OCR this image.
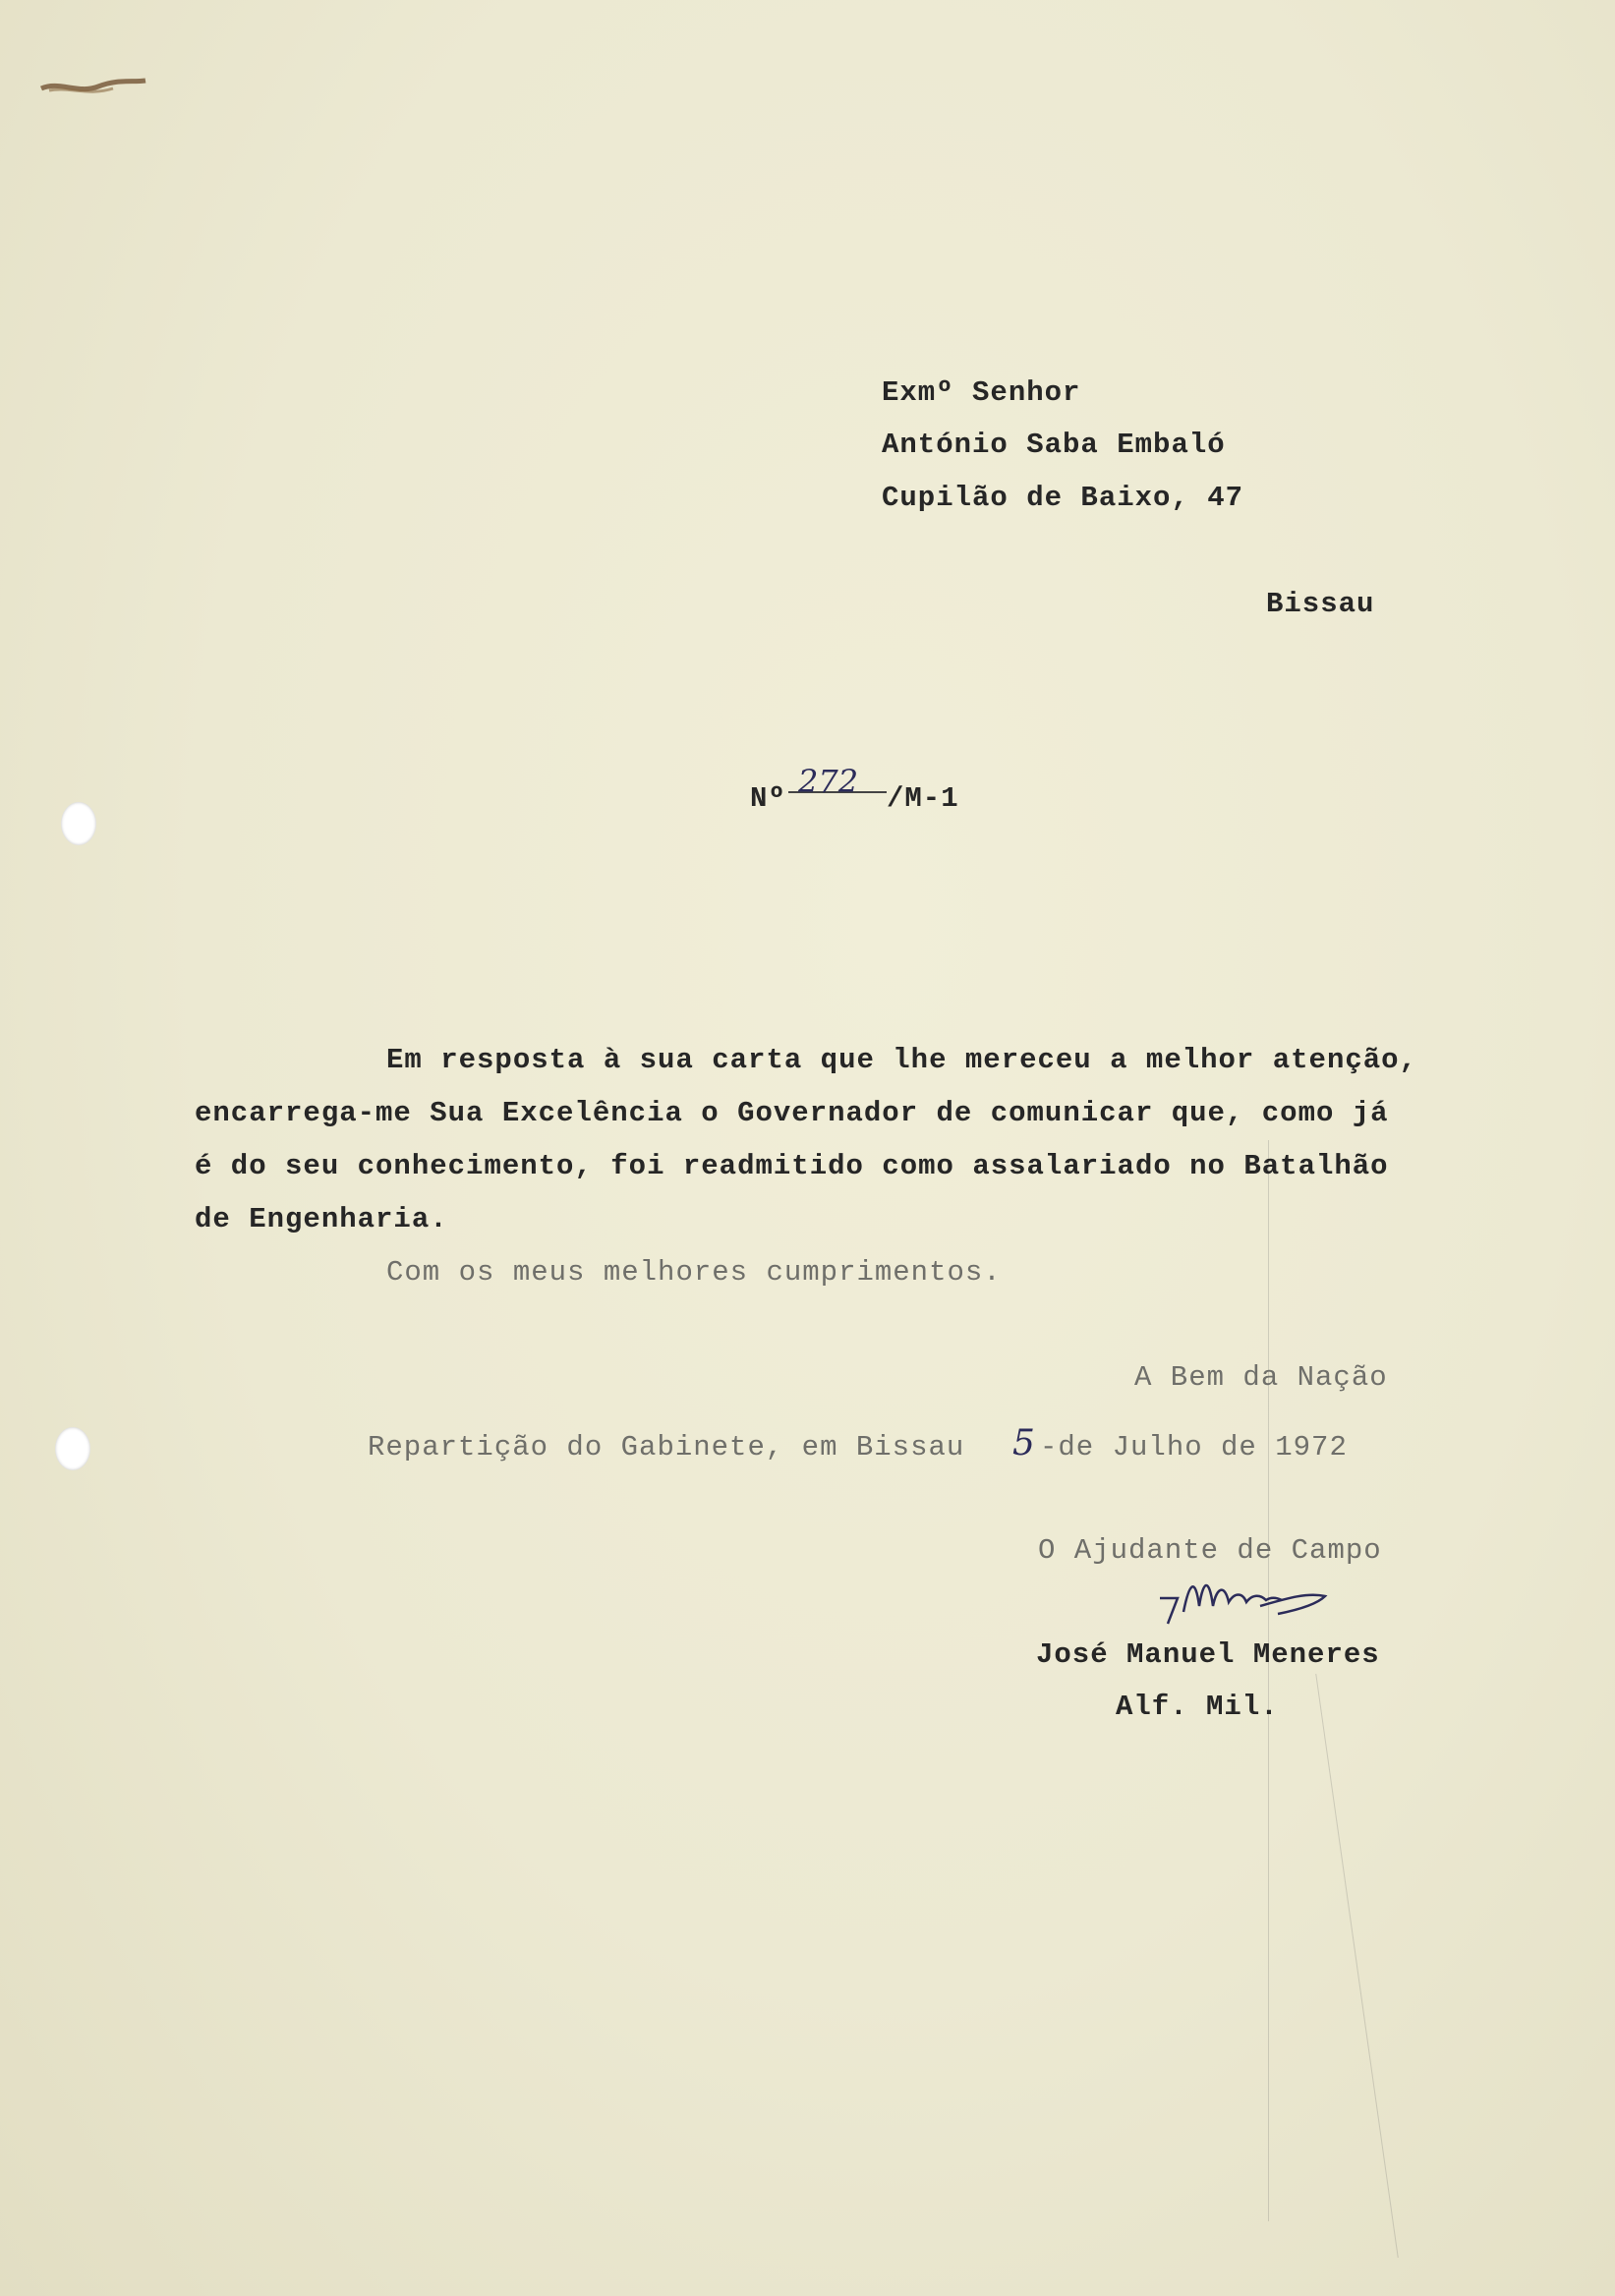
Exmº Senhor
António Saba Embaló
Cupilão de Baixo, 47
Bissau
Nº 272 /M-1
Em resposta à sua carta que lhe mereceu a melhor atenção,
encarrega-me Sua Excelência o Governador de comunicar que, como já
é do seu conhecimento, foi readmitido como assalariado no Batalhão
de Engenharia.
Com os meus melhores cumprimentos.
A Bem da Nação
Repartição do Gabinete, em Bissau 5 -de Julho de 1972
O Ajudante de Campo
José Manuel Meneres
Alf. Mil.
